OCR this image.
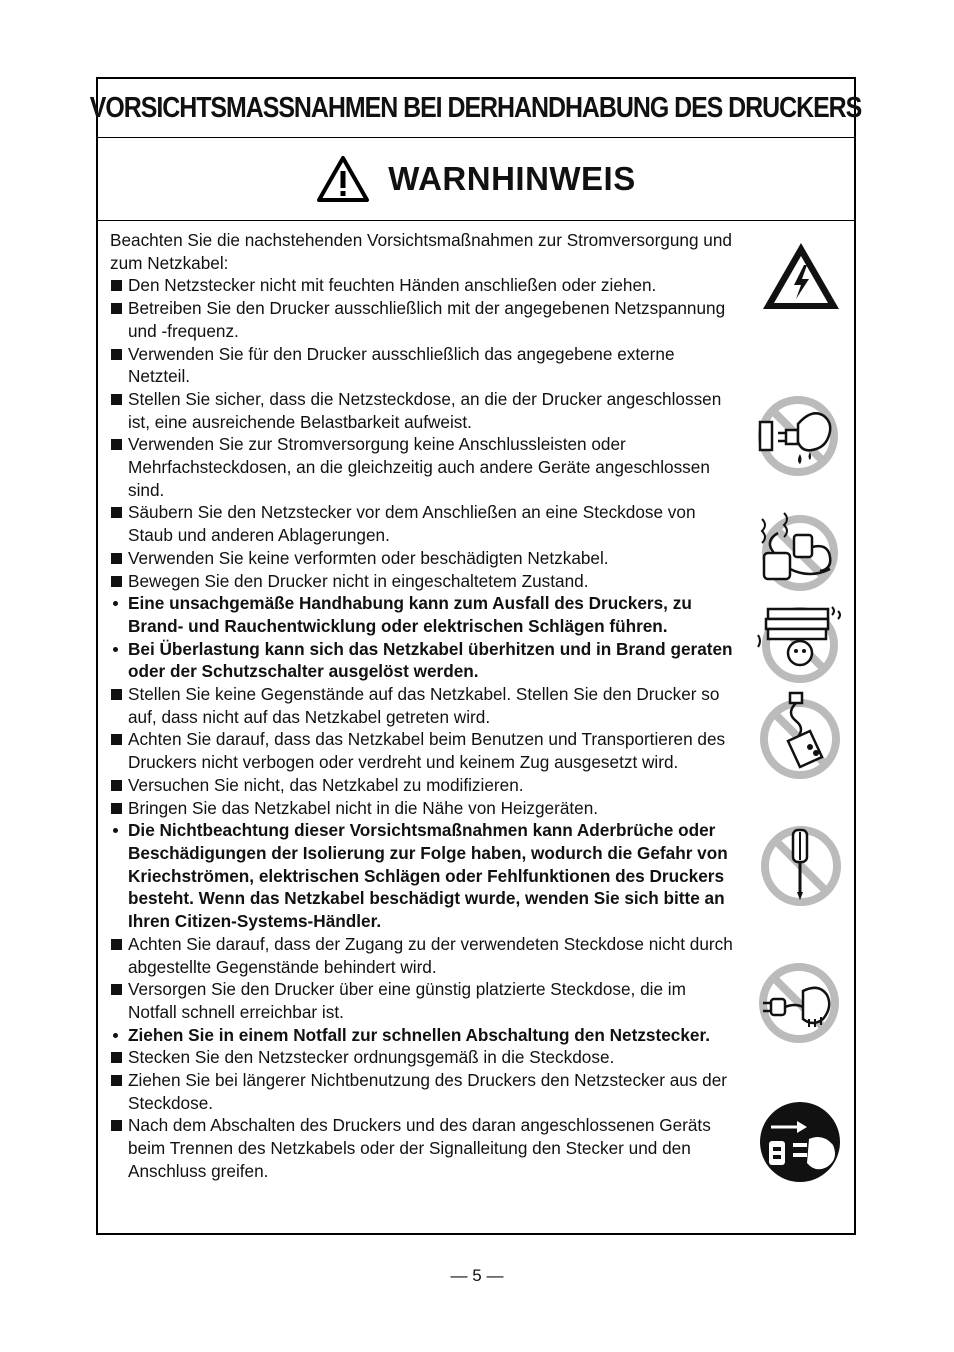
VORSICHTSMASSNAHMEN BEI DERHANDHABUNG DES DRUCKERS
WARNHINWEIS
Beachten Sie die nachstehenden Vorsichtsmaßnahmen zur Stromversorgung und zum Netzkabel:
Den Netzstecker nicht mit feuchten Händen anschließen oder ziehen.
Betreiben Sie den Drucker ausschließlich mit der angegebenen Netzspannung und -frequenz.
Verwenden Sie für den Drucker ausschließlich das angegebene externe Netzteil.
Stellen Sie sicher, dass die Netzsteckdose, an die der Drucker angeschlossen ist, eine ausreichende Belastbarkeit aufweist.
Verwenden Sie zur Stromversorgung keine Anschlussleisten oder Mehrfachsteckdosen, an die gleichzeitig auch andere Geräte angeschlossen sind.
Säubern Sie den Netzstecker vor dem Anschließen an eine Steckdose von Staub und anderen Ablagerungen.
Verwenden Sie keine verformten oder beschädigten Netzkabel.
Bewegen Sie den Drucker nicht in eingeschaltetem Zustand.
Eine unsachgemäße Handhabung kann zum Ausfall des Druckers, zu Brand- und Rauchentwicklung oder elektrischen Schlägen führen.
Bei Überlastung kann sich das Netzkabel überhitzen und in Brand geraten oder der Schutzschalter ausgelöst werden.
Stellen Sie keine Gegenstände auf das Netzkabel. Stellen Sie den Drucker so auf, dass nicht auf das Netzkabel getreten wird.
Achten Sie darauf, dass das Netzkabel beim Benutzen und Transportieren des Druckers nicht verbogen oder verdreht und keinem Zug ausgesetzt wird.
Versuchen Sie nicht, das Netzkabel zu modifizieren.
Bringen Sie das Netzkabel nicht in die Nähe von Heizgeräten.
Die Nichtbeachtung dieser Vorsichtsmaßnahmen kann Aderbrüche oder Beschädigungen der Isolierung zur Folge haben, wodurch die Gefahr von Kriechströmen, elektrischen Schlägen oder Fehlfunktionen des Druckers besteht. Wenn das Netzkabel beschädigt wurde, wenden Sie sich bitte an Ihren Citizen-Systems-Händler.
Achten Sie darauf, dass der Zugang zu der verwendeten Steckdose nicht durch abgestellte Gegenstände behindert wird.
Versorgen Sie den Drucker über eine günstig platzierte Steckdose, die im Notfall schnell erreichbar ist.
Ziehen Sie in einem Notfall zur schnellen Abschaltung den Netzstecker.
Stecken Sie den Netzstecker ordnungsgemäß in die Steckdose.
Ziehen Sie bei längerer Nichtbenutzung des Druckers den Netzstecker aus der Steckdose.
Nach dem Abschalten des Druckers und des daran angeschlossenen Geräts beim Trennen des Netzkabels oder der Signalleitung den Stecker und den Anschluss greifen.
— 5 —
